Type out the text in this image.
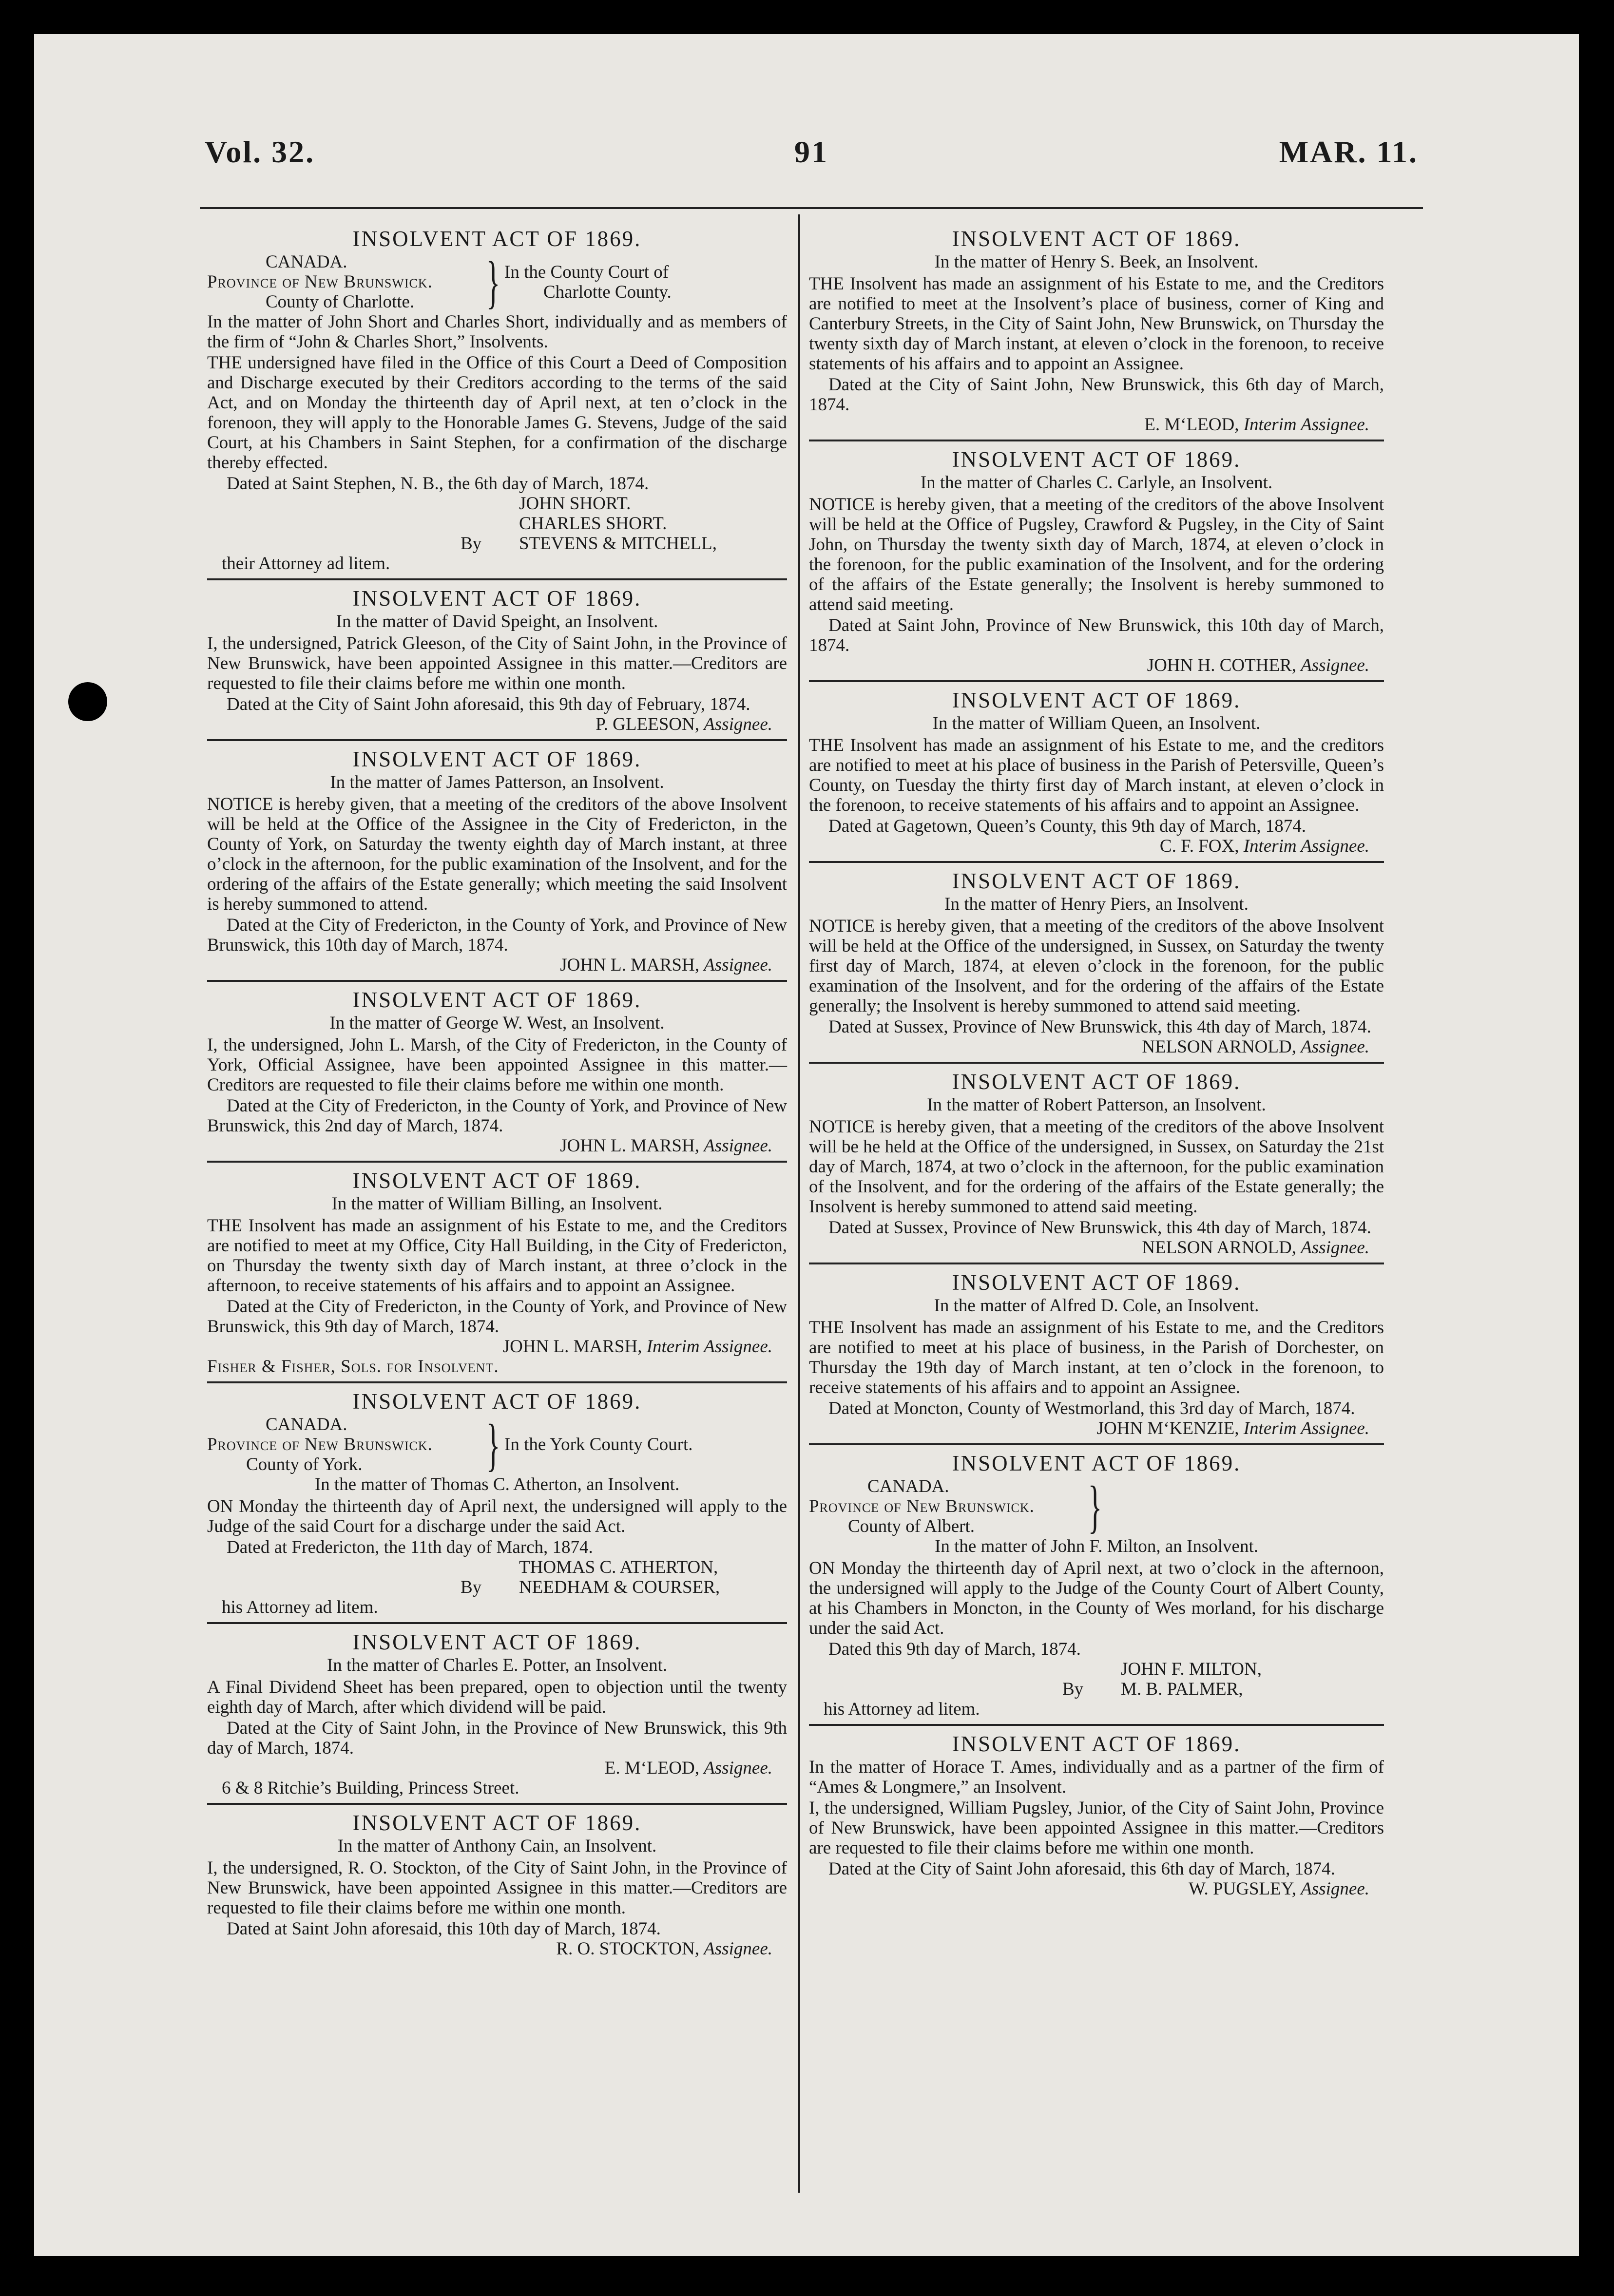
Vol. 32.	91	MAR. 11.
INSOLVENT ACT OF 1869.
CANADA.
Province of New Brunswick.
County of Charlotte.	} In the County Court of
Charlotte County.

In the matter of John Short and Charles Short, individually and as members of the firm of “John & Charles Short,” Insolvents.

THE undersigned have filed in the Office of this Court a Deed of Composition and Discharge executed by their Creditors according to the terms of the said Act, and on Monday the thirteenth day of April next, at ten o’clock in the forenoon, they will apply to the Honorable James G. Stevens, Judge of the said Court, at his Chambers in Saint Stephen, for a confirmation of the discharge thereby effected.

Dated at Saint Stephen, N. B., the 6th day of March, 1874.

JOHN SHORT.

CHARLES SHORT.

By STEVENS & MITCHELL,

their Attorney ad litem.

INSOLVENT ACT OF 1869.

In the matter of David Speight, an Insolvent.

I, the undersigned, Patrick Gleeson, of the City of Saint John, in the Province of New Brunswick, have been appointed Assignee in this matter.—Creditors are requested to file their claims before me within one month.

Dated at the City of Saint John aforesaid, this 9th day of February, 1874.

P. GLEESON, Assignee.

INSOLVENT ACT OF 1869.

In the matter of James Patterson, an Insolvent.

NOTICE is hereby given, that a meeting of the creditors of the above Insolvent will be held at the Office of the Assignee in the City of Fredericton, in the County of York, on Saturday the twenty eighth day of March instant, at three o’clock in the afternoon, for the public examination of the Insolvent, and for the ordering of the affairs of the Estate generally; which meeting the said Insolvent is hereby summoned to attend.

Dated at the City of Fredericton, in the County of York, and Province of New Brunswick, this 10th day of March, 1874.

JOHN L. MARSH, Assignee.

INSOLVENT ACT OF 1869.

In the matter of George W. West, an Insolvent.

I, the undersigned, John L. Marsh, of the City of Fredericton, in the County of York, Official Assignee, have been appointed Assignee in this matter.—Creditors are requested to file their claims before me within one month.

Dated at the City of Fredericton, in the County of York, and Province of New Brunswick, this 2nd day of March, 1874.

JOHN L. MARSH, Assignee.

INSOLVENT ACT OF 1869.

In the matter of William Billing, an Insolvent.

THE Insolvent has made an assignment of his Estate to me, and the Creditors are notified to meet at my Office, City Hall Building, in the City of Fredericton, on Thursday the twenty sixth day of March instant, at three o’clock in the afternoon, to receive statements of his affairs and to appoint an Assignee.

Dated at the City of Fredericton, in the County of York, and Province of New Brunswick, this 9th day of March, 1874.

JOHN L. MARSH, Interim Assignee.

Fisher & Fisher, Sols. for Insolvent.

INSOLVENT ACT OF 1869.
CANADA.
Province of New Brunswick.
County of York.	} In the York County Court.

In the matter of Thomas C. Atherton, an Insolvent.

ON Monday the thirteenth day of April next, the undersigned will apply to the Judge of the said Court for a discharge under the said Act.

Dated at Fredericton, the 11th day of March, 1874.

THOMAS C. ATHERTON,

By NEEDHAM & COURSER,

his Attorney ad litem.

INSOLVENT ACT OF 1869.

In the matter of Charles E. Potter, an Insolvent.

A Final Dividend Sheet has been prepared, open to objection until the twenty eighth day of March, after which dividend will be paid.

Dated at the City of Saint John, in the Province of New Brunswick, this 9th day of March, 1874.

E. M‘LEOD, Assignee.

6 & 8 Ritchie’s Building, Princess Street.

INSOLVENT ACT OF 1869.

In the matter of Anthony Cain, an Insolvent.

I, the undersigned, R. O. Stockton, of the City of Saint John, in the Province of New Brunswick, have been appointed Assignee in this matter.—Creditors are requested to file their claims before me within one month.

Dated at Saint John aforesaid, this 10th day of March, 1874.

R. O. STOCKTON, Assignee.

INSOLVENT ACT OF 1869.

In the matter of Henry S. Beek, an Insolvent.

THE Insolvent has made an assignment of his Estate to me, and the Creditors are notified to meet at the Insolvent’s place of business, corner of King and Canterbury Streets, in the City of Saint John, New Brunswick, on Thursday the twenty sixth day of March instant, at eleven o’clock in the forenoon, to receive statements of his affairs and to appoint an Assignee.

Dated at the City of Saint John, New Brunswick, this 6th day of March, 1874.

E. M‘LEOD, Interim Assignee.

INSOLVENT ACT OF 1869.

In the matter of Charles C. Carlyle, an Insolvent.

NOTICE is hereby given, that a meeting of the creditors of the above Insolvent will be held at the Office of Pugsley, Crawford & Pugsley, in the City of Saint John, on Thursday the twenty sixth day of March, 1874, at eleven o’clock in the forenoon, for the public examination of the Insolvent, and for the ordering of the affairs of the Estate generally; the Insolvent is hereby summoned to attend said meeting.

Dated at Saint John, Province of New Brunswick, this 10th day of March, 1874.

JOHN H. COTHER, Assignee.

INSOLVENT ACT OF 1869.

In the matter of William Queen, an Insolvent.

THE Insolvent has made an assignment of his Estate to me, and the creditors are notified to meet at his place of business in the Parish of Petersville, Queen’s County, on Tuesday the thirty first day of March instant, at eleven o’clock in the forenoon, to receive statements of his affairs and to appoint an Assignee.

Dated at Gagetown, Queen’s County, this 9th day of March, 1874.

C. F. FOX, Interim Assignee.

INSOLVENT ACT OF 1869.

In the matter of Henry Piers, an Insolvent.

NOTICE is hereby given, that a meeting of the creditors of the above Insolvent will be held at the Office of the undersigned, in Sussex, on Saturday the twenty first day of March, 1874, at eleven o’clock in the forenoon, for the public examination of the Insolvent, and for the ordering of the affairs of the Estate generally; the Insolvent is hereby summoned to attend said meeting.

Dated at Sussex, Province of New Brunswick, this 4th day of March, 1874.

NELSON ARNOLD, Assignee.

INSOLVENT ACT OF 1869.

In the matter of Robert Patterson, an Insolvent.

NOTICE is hereby given, that a meeting of the creditors of the above Insolvent will be he held at the Office of the undersigned, in Sussex, on Saturday the 21st day of March, 1874, at two o’clock in the afternoon, for the public examination of the Insolvent, and for the ordering of the affairs of the Estate generally; the Insolvent is hereby summoned to attend said meeting.

Dated at Sussex, Province of New Brunswick, this 4th day of March, 1874.

NELSON ARNOLD, Assignee.

INSOLVENT ACT OF 1869.

In the matter of Alfred D. Cole, an Insolvent.

THE Insolvent has made an assignment of his Estate to me, and the Creditors are notified to meet at his place of business, in the Parish of Dorchester, on Thursday the 19th day of March instant, at ten o’clock in the forenoon, to receive statements of his affairs and to appoint an Assignee.

Dated at Moncton, County of Westmorland, this 3rd day of March, 1874.

JOHN M‘KENZIE, Interim Assignee.

INSOLVENT ACT OF 1869.
CANADA.
Province of New Brunswick.
County of Albert.	}

In the matter of John F. Milton, an Insolvent.

ON Monday the thirteenth day of April next, at two o’clock in the afternoon, the undersigned will apply to the Judge of the County Court of Albert County, at his Chambers in Moncton, in the County of Wes morland, for his discharge under the said Act.

Dated this 9th day of March, 1874.

JOHN F. MILTON,

By M. B. PALMER,

his Attorney ad litem.

INSOLVENT ACT OF 1869.

In the matter of Horace T. Ames, individually and as a partner of the firm of “Ames & Longmere,” an Insolvent.

I, the undersigned, William Pugsley, Junior, of the City of Saint John, Province of New Brunswick, have been appointed Assignee in this matter.—Creditors are requested to file their claims before me within one month.

Dated at the City of Saint John aforesaid, this 6th day of March, 1874.

W. PUGSLEY, Assignee.
